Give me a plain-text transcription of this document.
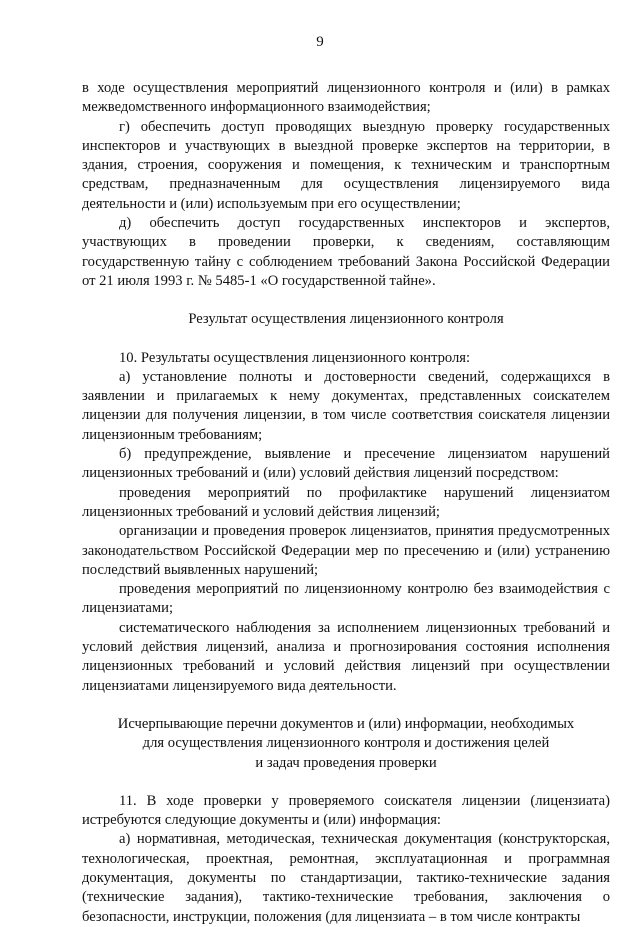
9

в ходе осуществления мероприятий лицензионного контроля и (или) в рамках межведомственного информационного взаимодействия;

г) обеспечить доступ проводящих выездную проверку государственных инспекторов и участвующих в выездной проверке экспертов на территории, в здания, строения, сооружения и помещения, к техническим и транспортным средствам, предназначенным для осуществления лицензируемого вида деятельности и (или) используемым при его осуществлении;

д) обеспечить доступ государственных инспекторов и экспертов, участвующих в проведении проверки, к сведениям, составляющим государственную тайну с соблюдением требований Закона Российской Федерации от 21 июля 1993 г. № 5485-1 «О государственной тайне».

Результат осуществления лицензионного контроля

10. Результаты осуществления лицензионного контроля:

а) установление полноты и достоверности сведений, содержащихся в заявлении и прилагаемых к нему документах, представленных соискателем лицензии для получения лицензии, в том числе соответствия соискателя лицензии лицензионным требованиям;

б) предупреждение, выявление и пресечение лицензиатом нарушений лицензионных требований и (или) условий действия лицензий посредством:

проведения мероприятий по профилактике нарушений лицензиатом лицензионных требований и условий действия лицензий;

организации и проведения проверок лицензиатов, принятия предусмотренных законодательством Российской Федерации мер по пресечению и (или) устранению последствий выявленных нарушений;

проведения мероприятий по лицензионному контролю без взаимодействия с лицензиатами;

систематического наблюдения за исполнением лицензионных требований и условий действия лицензий, анализа и прогнозирования состояния исполнения лицензионных требований и условий действия лицензий при осуществлении лицензиатами лицензируемого вида деятельности.

Исчерпывающие перечни документов и (или) информации, необходимых

для осуществления лицензионного контроля и достижения целей

и задач проведения проверки

11. В ходе проверки у проверяемого соискателя лицензии (лицензиата) истребуются следующие документы и (или) информация:

а) нормативная, методическая, техническая документация (конструкторская, технологическая, проектная, ремонтная, эксплуатационная и программная документация, документы по стандартизации, тактико-технические задания (технические задания), тактико-технические требования, заключения о безопасности, инструкции, положения (для лицензиата – в том числе контракты
